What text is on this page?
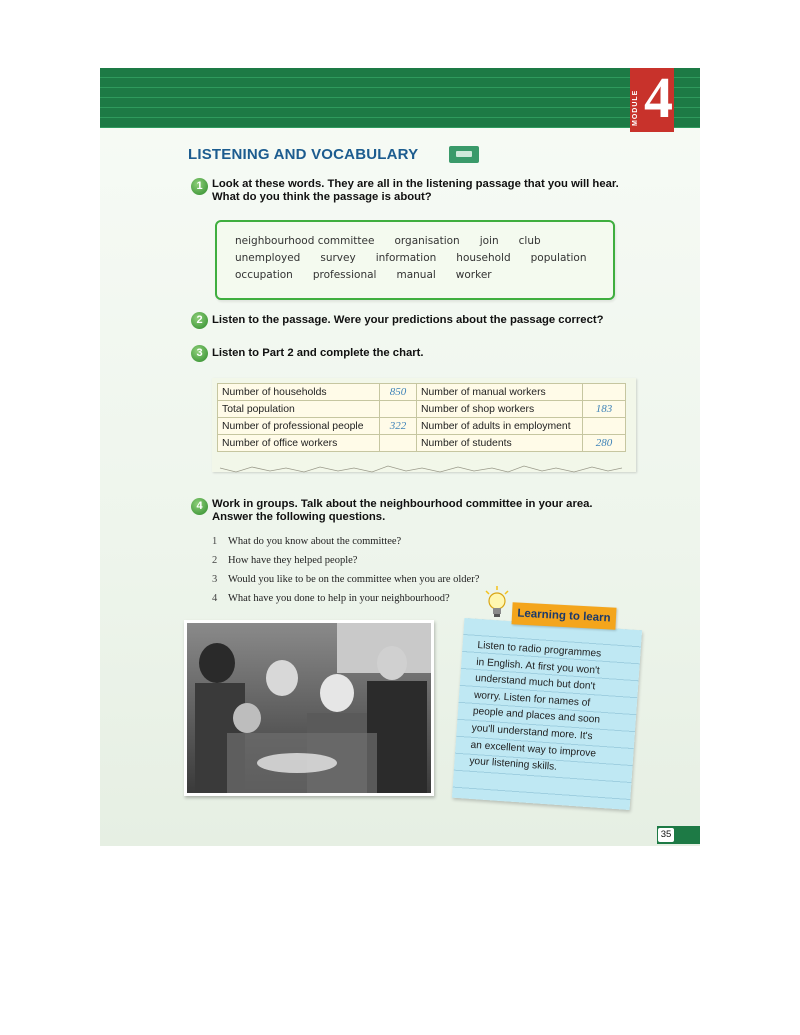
MODULE 4
LISTENING AND VOCABULARY
1 Look at these words. They are all in the listening passage that you will hear.
What do you think the passage is about?
neighbourhood committee organisation join club
unemployed survey information household population
occupation professional manual worker
2 Listen to the passage. Were your predictions about the passage correct?
3 Listen to Part 2 and complete the chart.
Number of households	850	Number of manual workers	
Total population		Number of shop workers	183
Number of professional people	322	Number of adults in employment	
Number of office workers		Number of students	280
4 Work in groups. Talk about the neighbourhood committee in your area.
Answer the following questions.
1	What do you know about the committee?
2	How have they helped people?
3	Would you like to be on the committee when you are older?
4	What have you done to help in your neighbourhood?
Learning to learn
Listen to radio programmes
in English. At first you won't
understand much but don't
worry. Listen for names of
people and places and soon
you'll understand more. It's
an excellent way to improve
your listening skills.
35
